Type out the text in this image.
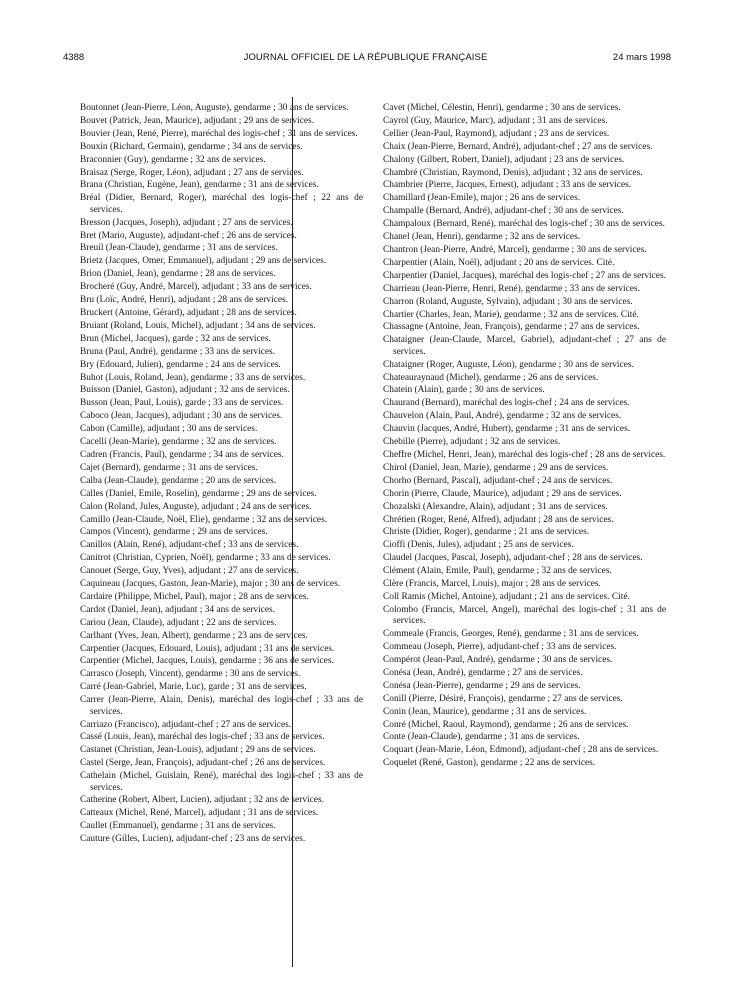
4388	JOURNAL OFFICIEL DE LA RÉPUBLIQUE FRANÇAISE	24 mars 1998

Boutonnet (Jean-Pierre, Léon, Auguste), gendarme ; 30 ans de services.

Bouvet (Patrick, Jean, Maurice), adjudant ; 29 ans de services.

Bouvier (Jean, René, Pierre), maréchal des logis-chef ; 31 ans de services.

Bouxin (Richard, Germain), gendarme ; 34 ans de services.

Braconnier (Guy), gendarme ; 32 ans de services.

Braisaz (Serge, Roger, Léon), adjudant ; 27 ans de services.

Brana (Christian, Eugène, Jean), gendarme ; 31 ans de services.

Bréal (Didier, Bernard, Roger), maréchal des logis-chef ; 22 ans de services.

Bresson (Jacques, Joseph), adjudant ; 27 ans de services.

Bret (Mario, Auguste), adjudant-chef ; 26 ans de services.

Breuil (Jean-Claude), gendarme ; 31 ans de services.

Brietz (Jacques, Omer, Emmanuel), adjudant ; 29 ans de services.

Brion (Daniel, Jean), gendarme ; 28 ans de services.

Brocheré (Guy, André, Marcel), adjudant ; 33 ans de services.

Bru (Loïc, André, Henri), adjudant ; 28 ans de services.

Bruckert (Antoine, Gérard), adjudant ; 28 ans de services.

Bruiant (Roland, Louis, Michel), adjudant ; 34 ans de services.

Brun (Michel, Jacques), garde ; 32 ans de services.

Bruna (Paul, André), gendarme ; 33 ans de services.

Bry (Edouard, Julien), gendarme ; 24 ans de services.

Buhot (Louis, Roland, Jean), gendarme ; 33 ans de services.

Buisson (Daniel, Gaston), adjudant ; 32 ans de services.

Busson (Jean, Paul, Louis), garde ; 33 ans de services.

Caboco (Jean, Jacques), adjudant ; 30 ans de services.

Cabon (Camille), adjudant ; 30 ans de services.

Cacelli (Jean-Marie), gendarme ; 32 ans de services.

Cadren (Francis, Paul), gendarme ; 34 ans de services.

Cajet (Bernard), gendarme ; 31 ans de services.

Calba (Jean-Claude), gendarme ; 20 ans de services.

Calles (Daniel, Emile, Roselin), gendarme ; 29 ans de services.

Calon (Roland, Jules, Auguste), adjudant ; 24 ans de services.

Camillo (Jean-Claude, Noël, Elie), gendarme ; 32 ans de services.

Campos (Vincent), gendarme ; 29 ans de services.

Canillos (Alain, René), adjudant-chef ; 33 ans de services.

Canitrot (Christian, Cyprien, Noël), gendarme ; 33 ans de services.

Canouet (Serge, Guy, Yves), adjudant ; 27 ans de services.

Caquineau (Jacques, Gaston, Jean-Marie), major ; 30 ans de services.

Cardaire (Philippe, Michel, Paul), major ; 28 ans de services.

Cardot (Daniel, Jean), adjudant ; 34 ans de services.

Cariou (Jean, Claude), adjudant ; 22 ans de services.

Carlhant (Yves, Jean, Albert), gendarme ; 23 ans de services.

Carpentier (Jacques, Edouard, Louis), adjudant ; 31 ans de services.

Carpentier (Michel, Jacques, Louis), gendarme ; 36 ans de services.

Carrasco (Joseph, Vincent), gendarme ; 30 ans de services.

Carré (Jean-Gabriel, Marie, Luc), garde ; 31 ans de services.

Carrer (Jean-Pierre, Alain, Denis), maréchal des logis-chef ; 33 ans de services.

Carriazo (Francisco), adjudant-chef ; 27 ans de services.

Cassé (Louis, Jean), maréchal des logis-chef ; 33 ans de services.

Castanet (Christian, Jean-Louis), adjudant ; 29 ans de services.

Castel (Serge, Jean, François), adjudant-chef ; 26 ans de services.

Cathelain (Michel, Guislain, René), maréchal des logis-chef ; 33 ans de services.

Catherine (Robert, Albert, Lucien), adjudant ; 32 ans de services.

Catteaux (Michel, René, Marcel), adjudant ; 31 ans de services.

Caullet (Emmanuel), gendarme ; 31 ans de services.

Cauture (Gilles, Lucien), adjudant-chef ; 23 ans de services.

Cavet (Michel, Célestin, Henri), gendarme ; 30 ans de services.

Cayrol (Guy, Maurice, Marc), adjudant ; 31 ans de services.

Cellier (Jean-Paul, Raymond), adjudant ; 23 ans de services.

Chaix (Jean-Pierre, Bernard, André), adjudant-chef ; 27 ans de services.

Chalony (Gilbert, Robert, Daniel), adjudant ; 23 ans de services.

Chambré (Christian, Raymond, Denis), adjudant ; 32 ans de services.

Chambrier (Pierre, Jacques, Ernest), adjudant ; 33 ans de services.

Chamillard (Jean-Emile), major ; 26 ans de services.

Champalle (Bernard, André), adjudant-chef ; 30 ans de services.

Champaloux (Bernard, René), maréchal des logis-chef ; 30 ans de services.

Chanel (Jean, Henri), gendarme ; 32 ans de services.

Chantron (Jean-Pierre, André, Marcel), gendarme ; 30 ans de services.

Charpentier (Alain, Noël), adjudant ; 20 ans de services. Cité.

Charpentier (Daniel, Jacques), maréchal des logis-chef ; 27 ans de services.

Charrieau (Jean-Pierre, Henri, René), gendarme ; 33 ans de services.

Charron (Roland, Auguste, Sylvain), adjudant ; 30 ans de services.

Chartier (Charles, Jean, Marie), gendarme ; 32 ans de services. Cité.

Chassagne (Antoine, Jean, François), gendarme ; 27 ans de services.

Chataigner (Jean-Claude, Marcel, Gabriel), adjudant-chef ; 27 ans de services.

Chataigner (Roger, Auguste, Léon), gendarme ; 30 ans de services.

Chateauraynaud (Michel), gendarme ; 26 ans de services.

Chatein (Alain), garde ; 30 ans de services.

Chaurand (Bernard), maréchal des logis-chef ; 24 ans de services.

Chauvelon (Alain, Paul, André), gendarme ; 32 ans de services.

Chauvin (Jacques, André, Hubert), gendarme ; 31 ans de services.

Chebille (Pierre), adjudant ; 32 ans de services.

Cheffre (Michel, Henri, Jean), maréchal des logis-chef ; 28 ans de services.

Chirol (Daniel, Jean, Marie), gendarme ; 29 ans de services.

Chorho (Bernard, Pascal), adjudant-chef ; 24 ans de services.

Chorin (Pierre, Claude, Maurice), adjudant ; 29 ans de services.

Chozalski (Alexandre, Alain), adjudant ; 31 ans de services.

Chrétien (Roger, René, Alfred), adjudant ; 28 ans de services.

Christe (Didier, Roger), gendarme ; 21 ans de services.

Cioffi (Denis, Jules), adjudant ; 25 ans de services.

Claudel (Jacques, Pascal, Joseph), adjudant-chef ; 28 ans de services.

Clément (Alain, Emile, Paul), gendarme ; 32 ans de services.

Clère (Francis, Marcel, Louis), major ; 28 ans de services.

Coll Ramis (Michel, Antoine), adjudant ; 21 ans de services. Cité.

Colombo (Francis, Marcel, Angel), maréchal des logis-chef ; 31 ans de services.

Commeale (Francis, Georges, René), gendarme ; 31 ans de services.

Commeau (Joseph, Pierre), adjudant-chef ; 33 ans de services.

Compérot (Jean-Paul, André), gendarme ; 30 ans de services.

Conésa (Jean, André), gendarme ; 27 ans de services.

Conésa (Jean-Pierre), gendarme ; 29 ans de services.

Conill (Pierre, Désiré, François), gendarme ; 27 ans de services.

Conin (Jean, Maurice), gendarme ; 31 ans de services.

Conré (Michel, Raoul, Raymond), gendarme ; 26 ans de services.

Conte (Jean-Claude), gendarme ; 31 ans de services.

Coquart (Jean-Marie, Léon, Edmond), adjudant-chef ; 28 ans de services.

Coquelet (René, Gaston), gendarme ; 22 ans de services.
